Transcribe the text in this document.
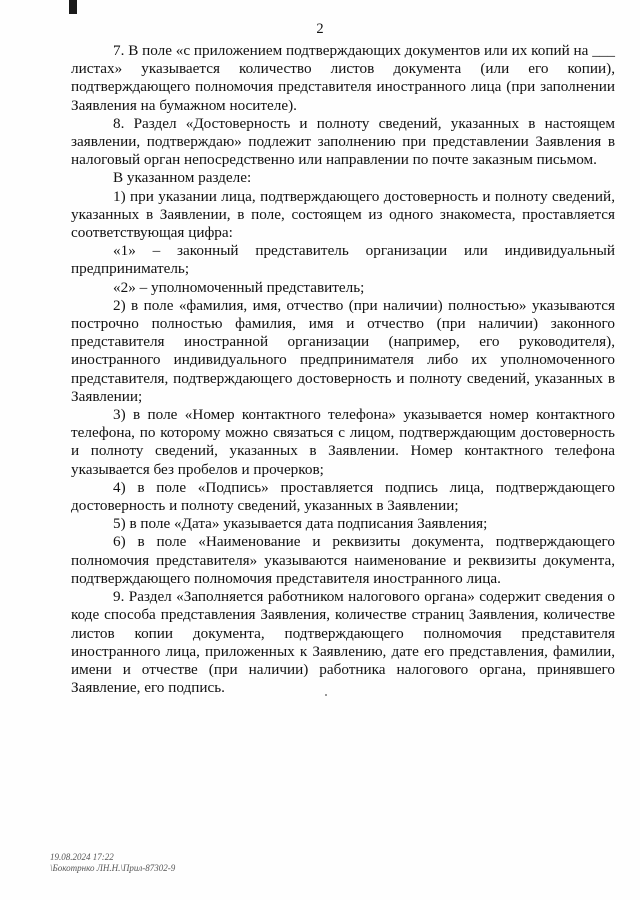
2

7. В поле «с приложением подтверждающих документов или их копий на ___ листах» указывается количество листов документа (или его копии), подтверждающего полномочия представителя иностранного лица (при заполнении Заявления на бумажном носителе).

8. Раздел «Достоверность и полноту сведений, указанных в настоящем заявлении, подтверждаю» подлежит заполнению при представлении Заявления в налоговый орган непосредственно или направлении по почте заказным письмом.

В указанном разделе:

1) при указании лица, подтверждающего достоверность и полноту сведений, указанных в Заявлении, в поле, состоящем из одного знакоместа, проставляется соответствующая цифра:

«1» – законный представитель организации или индивидуальный предприниматель;

«2» – уполномоченный представитель;

2) в поле «фамилия, имя, отчество (при наличии) полностью» указываются построчно полностью фамилия, имя и отчество (при наличии) законного представителя иностранной организации (например, его руководителя), иностранного индивидуального предпринимателя либо их уполномоченного представителя, подтверждающего достоверность и полноту сведений, указанных в Заявлении;

3) в поле «Номер контактного телефона» указывается номер контактного телефона, по которому можно связаться с лицом, подтверждающим достоверность и полноту сведений, указанных в Заявлении. Номер контактного телефона указывается без пробелов и прочерков;

4) в поле «Подпись» проставляется подпись лица, подтверждающего достоверность и полноту сведений, указанных в Заявлении;

5) в поле «Дата» указывается дата подписания Заявления;

6) в поле «Наименование и реквизиты документа, подтверждающего полномочия представителя» указываются наименование и реквизиты документа, подтверждающего полномочия представителя иностранного лица.

9. Раздел «Заполняется работником налогового органа» содержит сведения о коде способа представления Заявления, количестве страниц Заявления, количестве листов копии документа, подтверждающего полномочия представителя иностранного лица, приложенных к Заявлению, дате его представления, фамилии, имени и отчестве (при наличии) работника налогового органа, принявшего Заявление, его подпись.

19.08.2024 17:22
\Бокотрнко ЛН.Н.\Прил-87302-9
